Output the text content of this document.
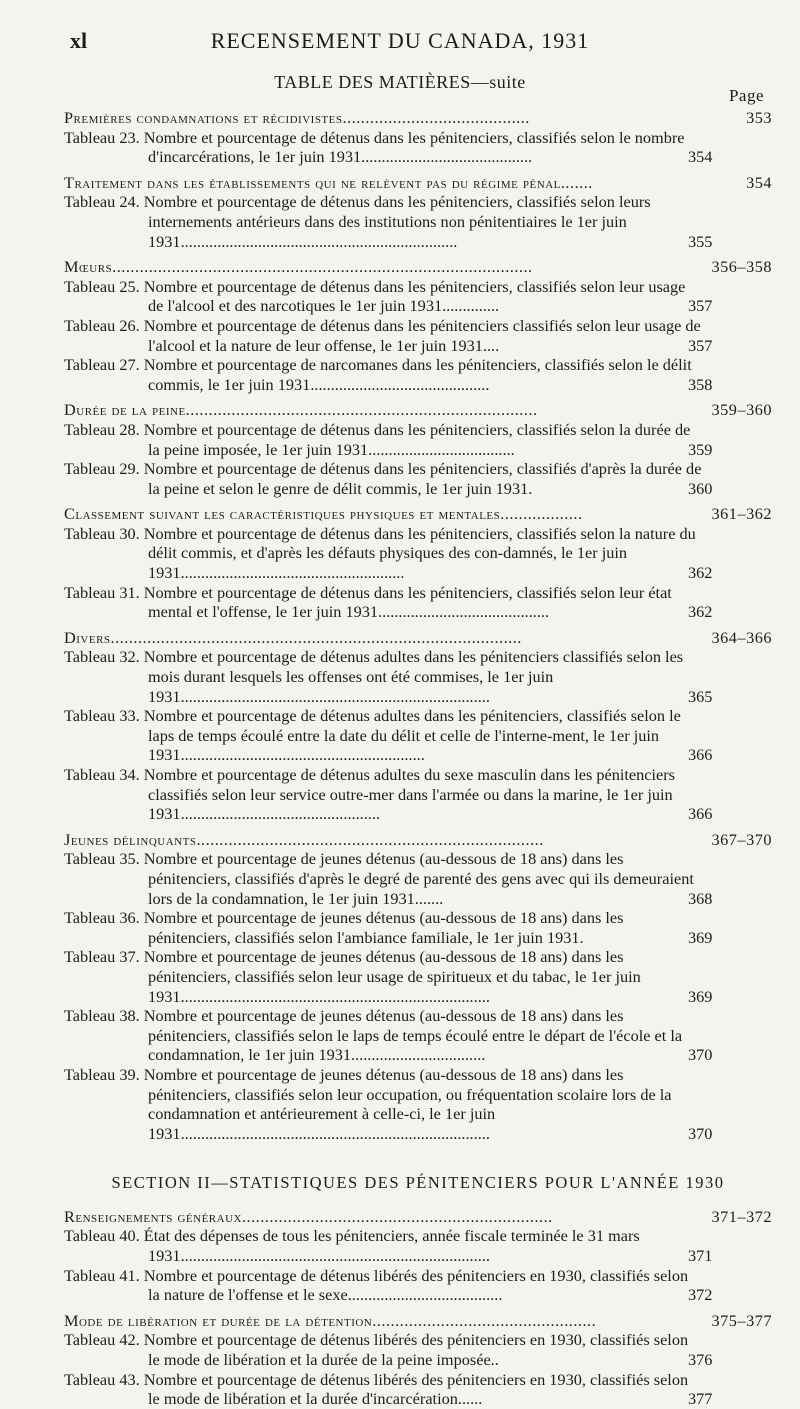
xl	RECENSEMENT DU CANADA, 1931
TABLE DES MATIÈRES—suite
Page
Premières condamnations et récidivistes.........................................	353
Tableau 23. Nombre et pourcentage de détenus dans les pénitenciers, classifiés selon le nombre d'incarcérations, le 1er juin 1931..........................................	354
Traitement dans les établissements qui ne relèvent pas du régime pénal.......	354
Tableau 24. Nombre et pourcentage de détenus dans les pénitenciers, classifiés selon leurs internements antérieurs dans des institutions non pénitentiaires le 1er juin 1931....................................................................	355
Mœurs............................................................................................	356–358
Tableau 25. Nombre et pourcentage de détenus dans les pénitenciers, classifiés selon leur usage de l'alcool et des narcotiques le 1er juin 1931..............	357
Tableau 26. Nombre et pourcentage de détenus dans les pénitenciers classifiés selon leur usage de l'alcool et la nature de leur offense, le 1er juin 1931....	357
Tableau 27. Nombre et pourcentage de narcomanes dans les pénitenciers, classifiés selon le délit commis, le 1er juin 1931............................................	358
Durée de la peine.............................................................................	359–360
Tableau 28. Nombre et pourcentage de détenus dans les pénitenciers, classifiés selon la durée de la peine imposée, le 1er juin 1931....................................	359
Tableau 29. Nombre et pourcentage de détenus dans les pénitenciers, classifiés d'après la durée de la peine et selon le genre de délit commis, le 1er juin 1931.	360
Classement suivant les caractéristiques physiques et mentales..................	361–362
Tableau 30. Nombre et pourcentage de détenus dans les pénitenciers, classifiés selon la nature du délit commis, et d'après les défauts physiques des con-damnés, le 1er juin 1931.......................................................	362
Tableau 31. Nombre et pourcentage de détenus dans les pénitenciers, classifiés selon leur état mental et l'offense, le 1er juin 1931..........................................	362
Divers..........................................................................................	364–366
Tableau 32. Nombre et pourcentage de détenus adultes dans les pénitenciers classifiés selon les mois durant lesquels les offenses ont été commises, le 1er juin 1931............................................................................	365
Tableau 33. Nombre et pourcentage de détenus adultes dans les pénitenciers, classifiés selon le laps de temps écoulé entre la date du délit et celle de l'interne-ment, le 1er juin 1931............................................................	366
Tableau 34. Nombre et pourcentage de détenus adultes du sexe masculin dans les pénitenciers classifiés selon leur service outre-mer dans l'armée ou dans la marine, le 1er juin 1931.................................................	366
Jeunes délinquants............................................................................	367–370
Tableau 35. Nombre et pourcentage de jeunes détenus (au-dessous de 18 ans) dans les pénitenciers, classifiés d'après le degré de parenté des gens avec qui ils demeuraient lors de la condamnation, le 1er juin 1931.......	368
Tableau 36. Nombre et pourcentage de jeunes détenus (au-dessous de 18 ans) dans les pénitenciers, classifiés selon l'ambiance familiale, le 1er juin 1931.	369
Tableau 37. Nombre et pourcentage de jeunes détenus (au-dessous de 18 ans) dans les pénitenciers, classifiés selon leur usage de spiritueux et du tabac, le 1er juin 1931............................................................................	369
Tableau 38. Nombre et pourcentage de jeunes détenus (au-dessous de 18 ans) dans les pénitenciers, classifiés selon le laps de temps écoulé entre le départ de l'école et la condamnation, le 1er juin 1931.................................	370
Tableau 39. Nombre et pourcentage de jeunes détenus (au-dessous de 18 ans) dans les pénitenciers, classifiés selon leur occupation, ou fréquentation scolaire lors de la condamnation et antérieurement à celle-ci, le 1er juin 1931............................................................................	370
SECTION II—STATISTIQUES DES PÉNITENCIERS POUR L'ANNÉE 1930
Renseignements généraux....................................................................	371–372
Tableau 40. État des dépenses de tous les pénitenciers, année fiscale terminée le 31 mars 1931............................................................................	371
Tableau 41. Nombre et pourcentage de détenus libérés des pénitenciers en 1930, classifiés selon la nature de l'offense et le sexe......................................	372
Mode de libération et durée de la détention.................................................	375–377
Tableau 42. Nombre et pourcentage de détenus libérés des pénitenciers en 1930, classifiés selon le mode de libération et la durée de la peine imposée..	376
Tableau 43. Nombre et pourcentage de détenus libérés des pénitenciers en 1930, classifiés selon le mode de libération et la durée d'incarcération......	377
